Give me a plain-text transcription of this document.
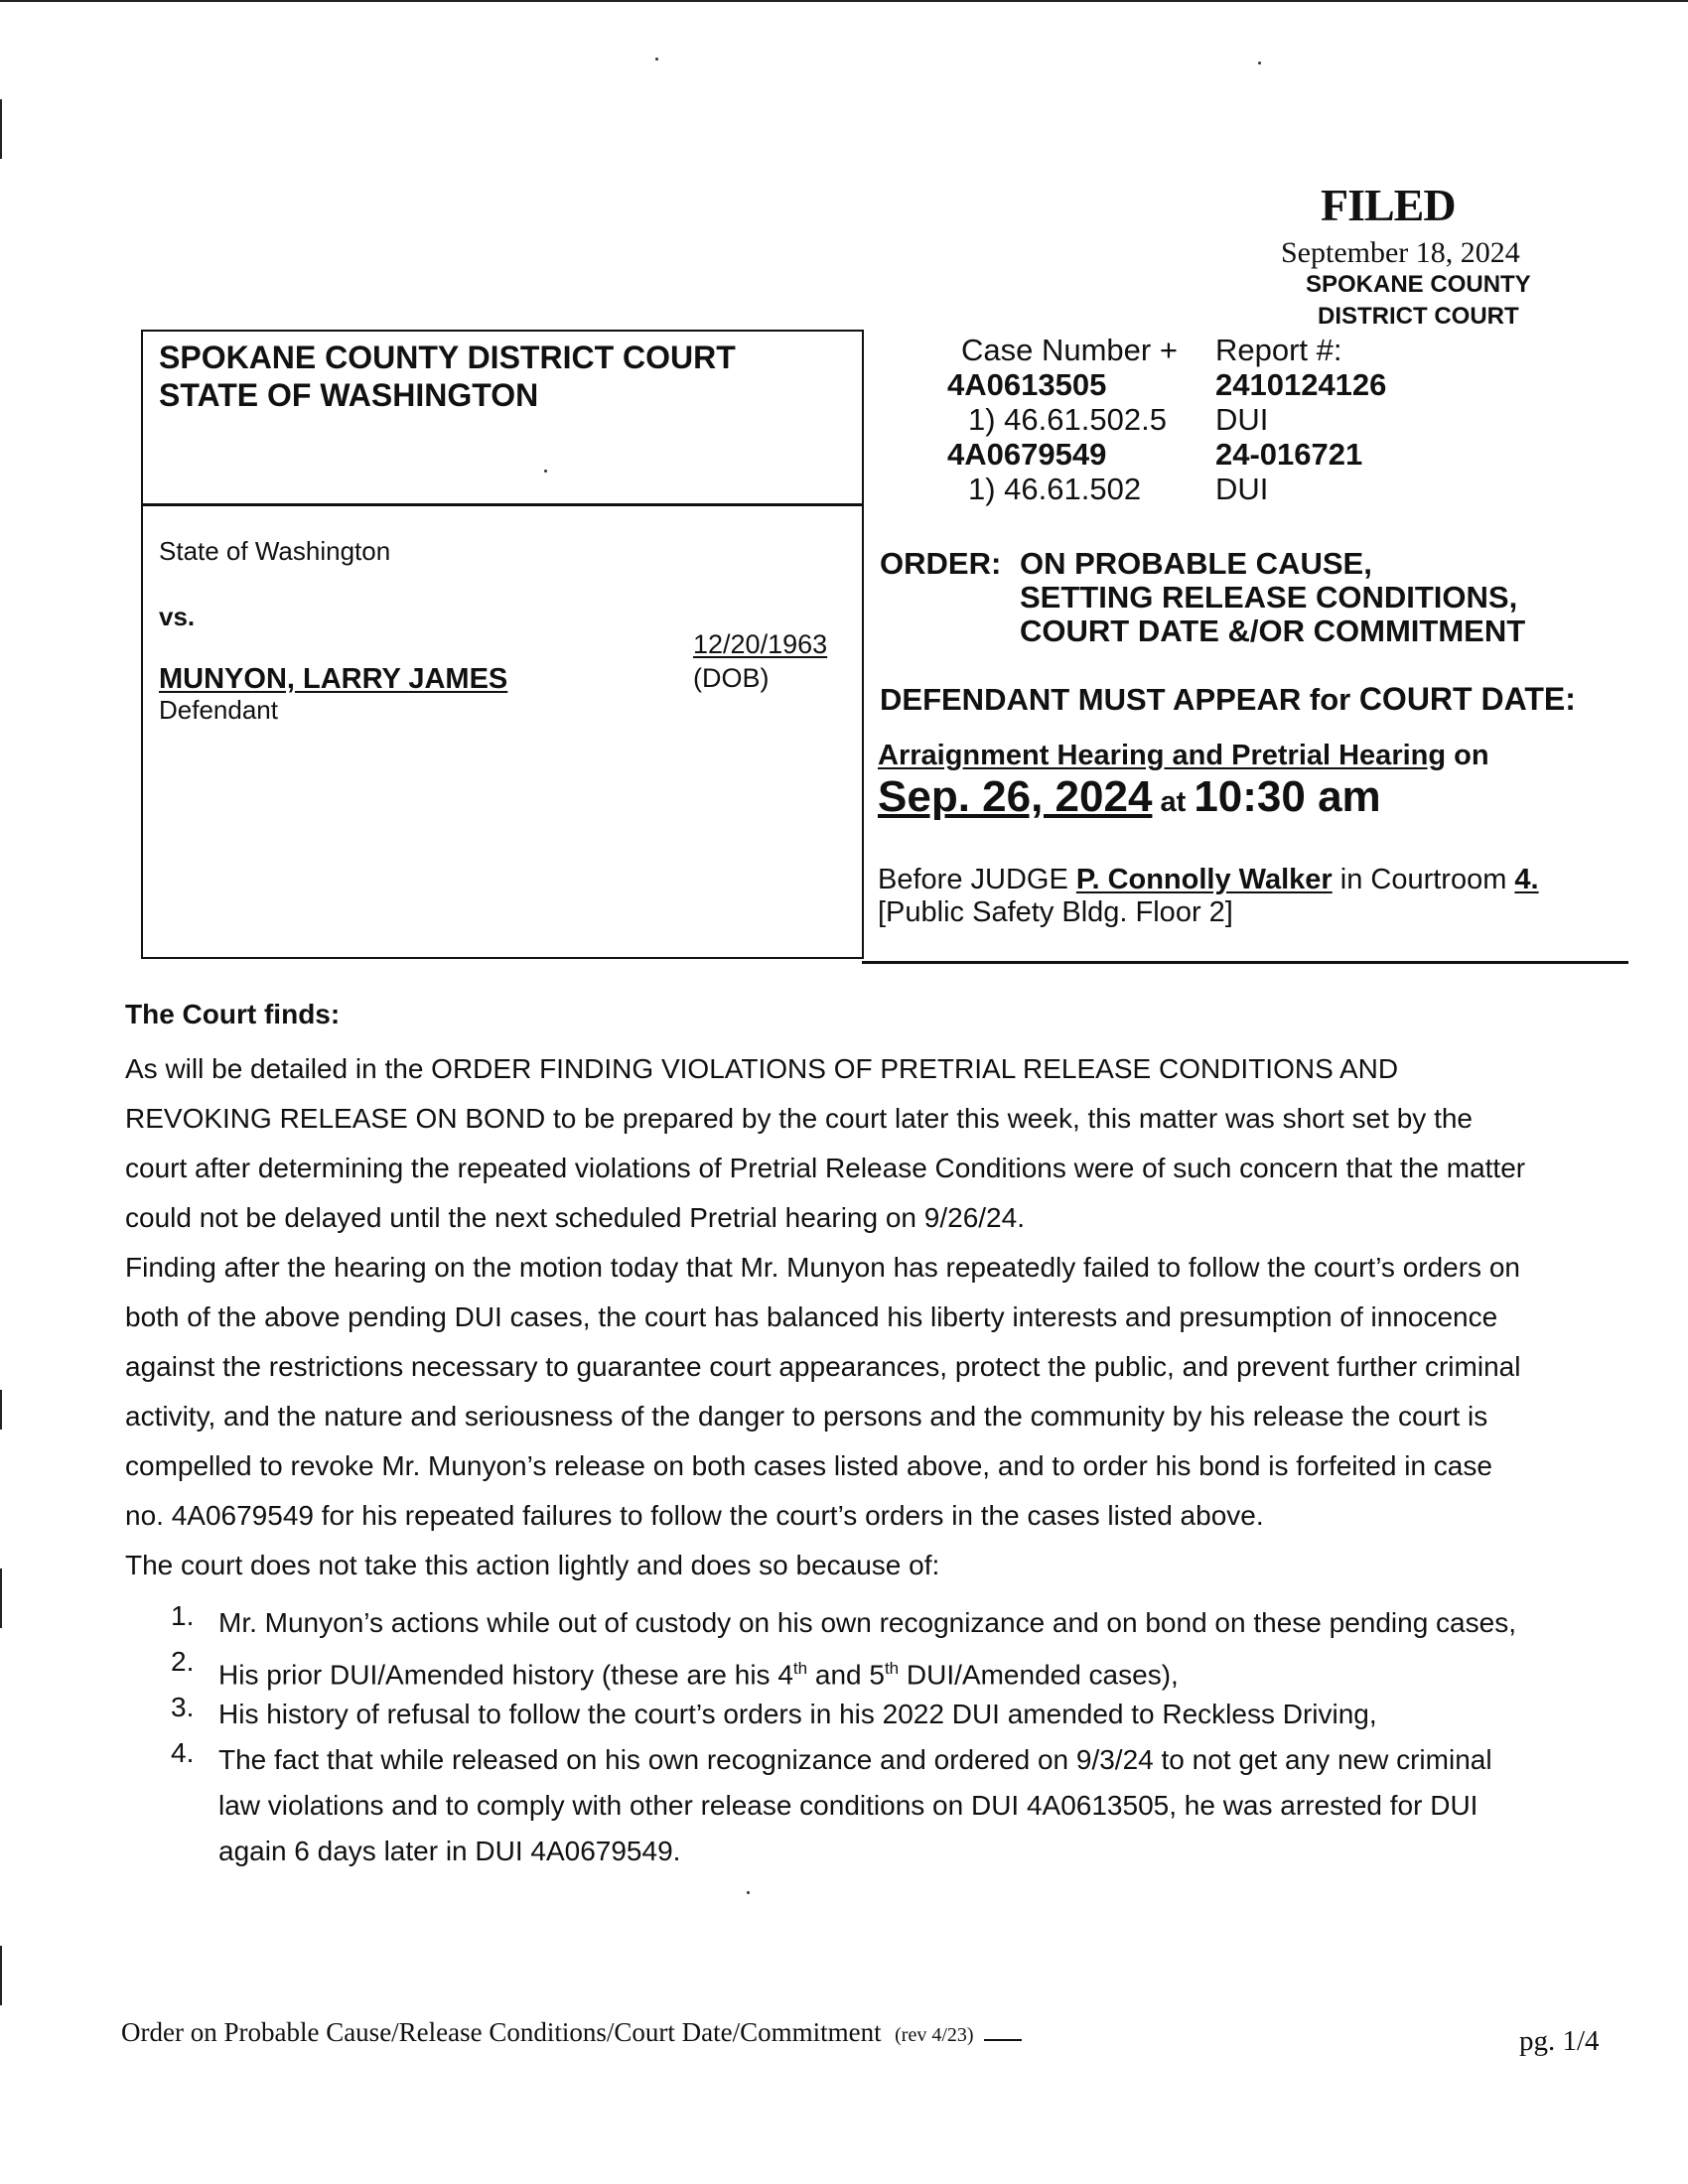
FILED
September 18, 2024
SPOKANE COUNTY
DISTRICT COURT
SPOKANE COUNTY DISTRICT COURT
STATE OF WASHINGTON
State of Washington
vs.
12/20/1963
(DOB)
MUNYON, LARRY JAMES
Defendant
Case Number + Report #:
4A0613505	2410124126
1) 46.61.502.5 DUI
4A0679549	24-016721
1) 46.61.502 DUI
ORDER: ON PROBABLE CAUSE,
SETTING RELEASE CONDITIONS,
COURT DATE &/OR COMMITMENT
DEFENDANT MUST APPEAR for COURT DATE:
Arraignment Hearing and Pretrial Hearing on
Sep. 26, 2024 at 10:30 am
Before JUDGE P. Connolly Walker in Courtroom 4.
[Public Safety Bldg. Floor 2]
The Court finds:
As will be detailed in the ORDER FINDING VIOLATIONS OF PRETRIAL RELEASE CONDITIONS AND
REVOKING RELEASE ON BOND to be prepared by the court later this week, this matter was short set by the
court after determining the repeated violations of Pretrial Release Conditions were of such concern that the matter
could not be delayed until the next scheduled Pretrial hearing on 9/26/24.
Finding after the hearing on the motion today that Mr. Munyon has repeatedly failed to follow the court’s orders on
both of the above pending DUI cases, the court has balanced his liberty interests and presumption of innocence
against the restrictions necessary to guarantee court appearances, protect the public, and prevent further criminal
activity, and the nature and seriousness of the danger to persons and the community by his release the court is
compelled to revoke Mr. Munyon’s release on both cases listed above, and to order his bond is forfeited in case
no. 4A0679549 for his repeated failures to follow the court’s orders in the cases listed above.
The court does not take this action lightly and does so because of:
1. Mr. Munyon’s actions while out of custody on his own recognizance and on bond on these pending cases,
2. His prior DUI/Amended history (these are his 4th and 5th DUI/Amended cases),
3. His history of refusal to follow the court’s orders in his 2022 DUI amended to Reckless Driving,
4. The fact that while released on his own recognizance and ordered on 9/3/24 to not get any new criminal
law violations and to comply with other release conditions on DUI 4A0613505, he was arrested for DUI
again 6 days later in DUI 4A0679549.
Order on Probable Cause/Release Conditions/Court Date/Commitment (rev 4/23)	pg. 1/4
